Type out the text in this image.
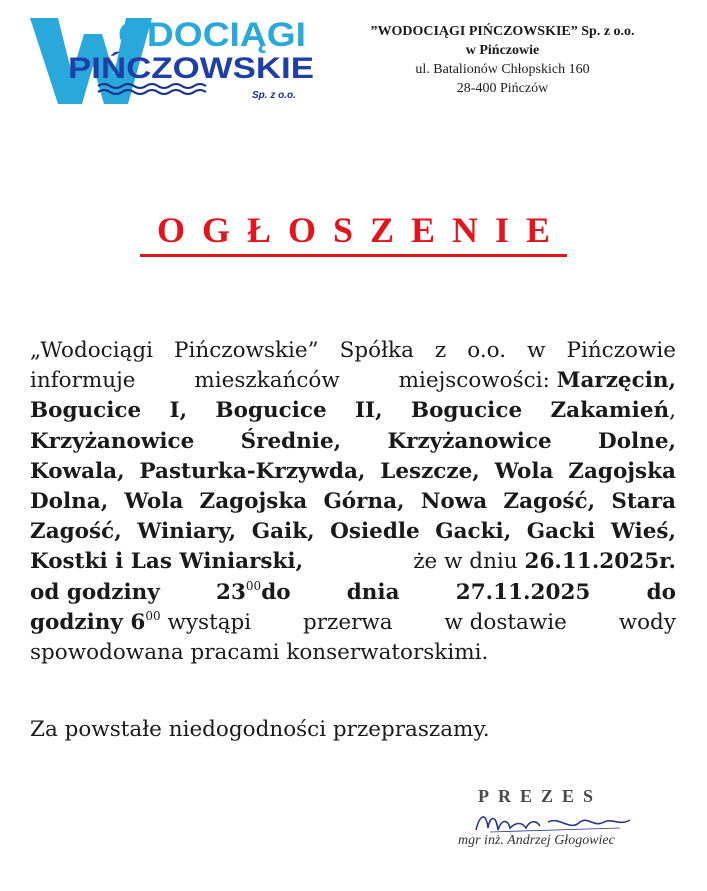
ODOCIĄGI
PIŃCZOWSKIE
Sp. z o.o.
”WODOCIĄGI PIŃCZOWSKIE” Sp. z o.o.
w Pińczowie
ul. Batalionów Chłopskich 160
28-400 Pińczów
OGŁOSZENIE
„Wodociągi Pińczowskie” Spółka z o.o. w Pińczowie
informuje	mieszkańców	miejscowości: Marzęcin,
Bogucice I, Bogucice II, Bogucice Zakamień,
Krzyżanowice Średnie, Krzyżanowice Dolne,
Kowala, Pasturka-Krzywda, Leszcze, Wola Zagojska
Dolna, Wola Zagojska Górna, Nowa Zagość, Stara
Zagość, Winiary, Gaik, Osiedle Gacki, Gacki Wieś,
Kostki i Las Winiarski,	że w dniu 26.11.2025r.
od godziny	$23^{00}do$	dnia	27.11.2025	do
godziny $6^{00}$ wystąpi przerwa w dostawie wody
spowodowana pracami konserwatorskimi.
Za powstałe niedogodności przepraszamy.
PREZES
mgr inż. Andrzej Głogowiec
